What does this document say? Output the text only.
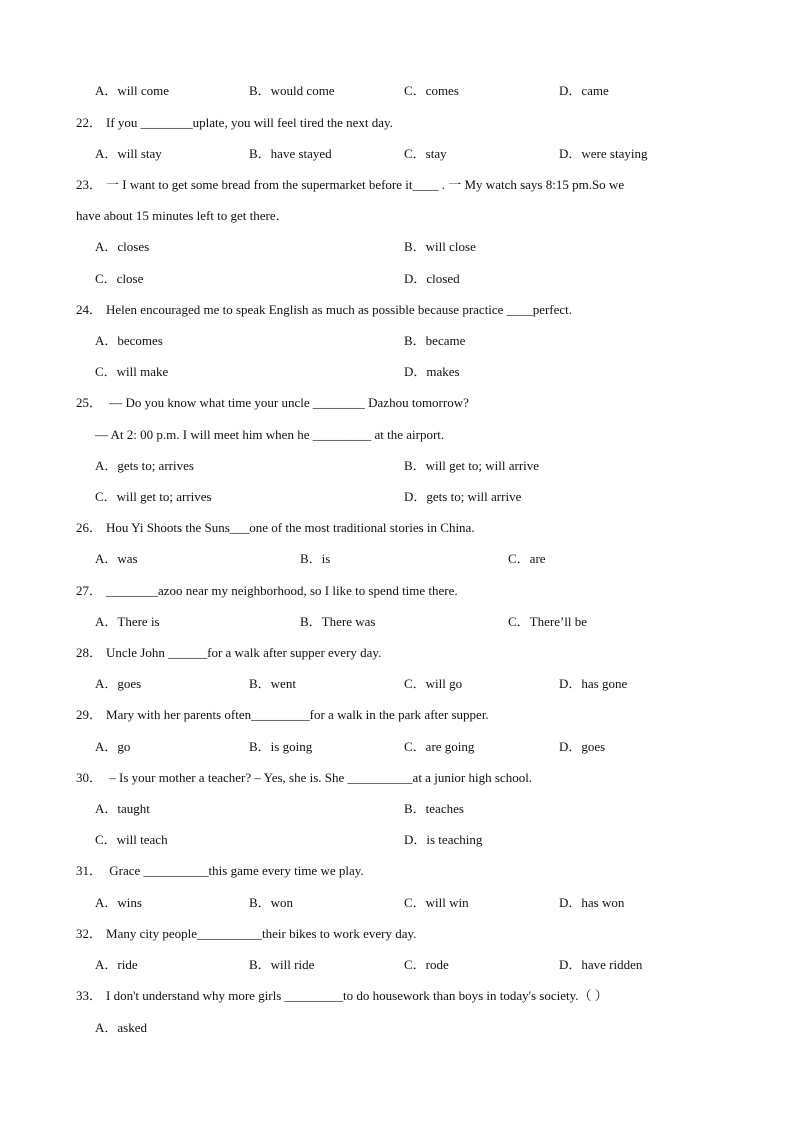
A．will come	B．would come	C．comes	D．came
22． If you ________uplate, you will feel tired the next day.
A．will stay	B．have stayed	C．stay	D．were staying
23． 一 I want to get some bread from the supermarket before it____ . 一 My watch says 8:15 pm.So we
have about 15 minutes left to get there．
A．closes	B．will close
C．close	D．closed
24． Helen encouraged me to speak English as much as possible because practice ____perfect.
A．becomes	B．became
C．will make	D．makes
25． — Do you know what time your uncle ________ Dazhou tomorrow?
— At 2: 00 p.m. I will meet him when he _________ at the airport.
A．gets to; arrives	B．will get to; will arrive
C．will get to; arrives	D．gets to; will arrive
26． Hou Yi Shoots the Suns___one of the most traditional stories in China.
A．was	B．is	C．are
27． ________azoo near my neighborhood, so I like to spend time there.
A．There is	B．There was	C．There’ll be
28． Uncle John ______for a walk after supper every day.
A．goes	B．went	C．will go	D．has gone
29． Mary with her parents often_________for a walk in the park after supper.
A．go	B．is going	C．are going	D．goes
30． – Is your mother a teacher? – Yes, she is. She __________at a junior high school.
A．taught	B．teaches
C．will teach	D．is teaching
31． Grace __________this game every time we play.
A．wins	B．won	C．will win	D．has won
32． Many city people__________their bikes to work every day.
A．ride	B．will ride	C．rode	D．have ridden
33． I don't understand why more girls _________to do housework than boys in today's society.（ ）
A．asked
